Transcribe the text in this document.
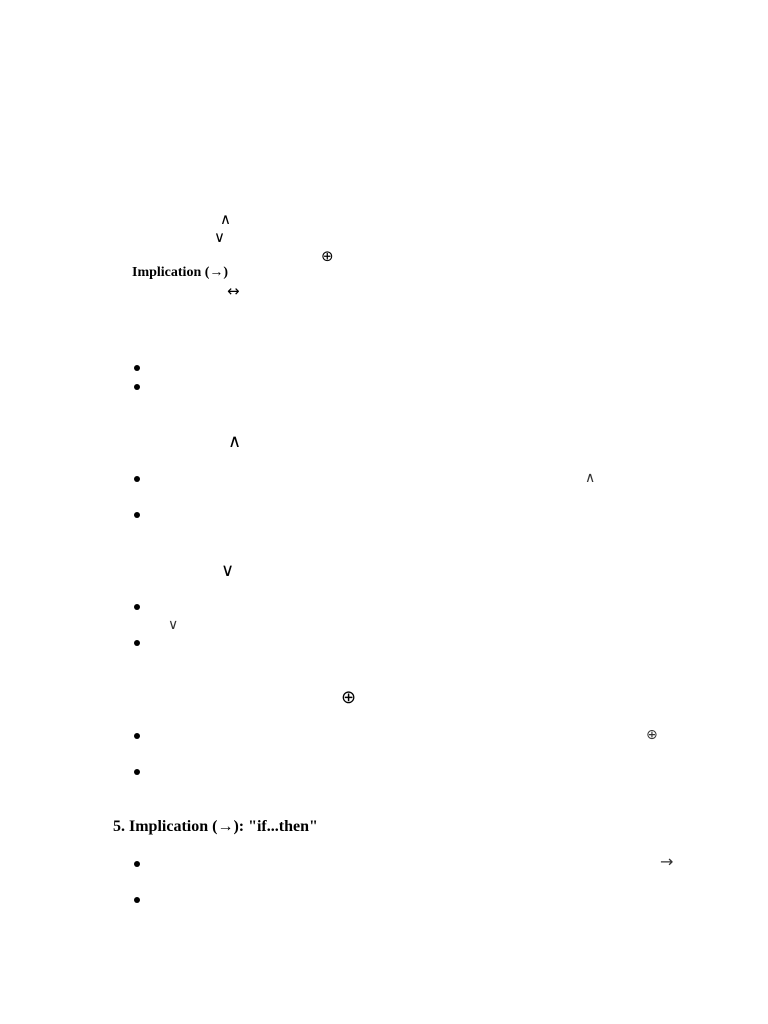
∧
∨
⊕
Implication (→)
↔
∧
∧
∨
∨
⊕
⊕
5. Implication (→): "if...then"
→
